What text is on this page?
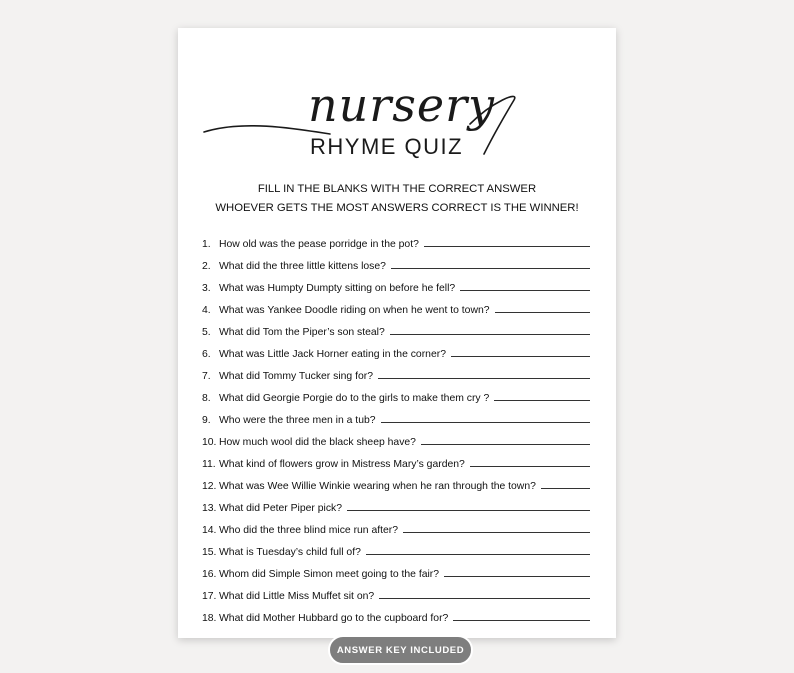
nursery
RHYME QUIZ
FILL IN THE BLANKS WITH THE CORRECT ANSWER
WHOEVER GETS THE MOST ANSWERS CORRECT IS THE WINNER!
1. How old was the pease porridge in the pot?
2. What did the three little kittens lose?
3. What was Humpty Dumpty sitting on before he fell?
4. What was Yankee Doodle riding on when he went to town?
5. What did Tom the Piper’s son steal?
6. What was Little Jack Horner eating in the corner?
7. What did Tommy Tucker sing for?
8. What did Georgie Porgie do to the girls to make them cry ?
9. Who were the three men in a tub?
10. How much wool did the black sheep have?
11. What kind of flowers grow in Mistress Mary’s garden?
12. What was Wee Willie Winkie wearing when he ran through the town?
13. What did Peter Piper pick?
14. Who did the three blind mice run after?
15. What is Tuesday’s child full of?
16. Whom did Simple Simon meet going to the fair?
17. What did Little Miss Muffet sit on?
18. What did Mother Hubbard go to the cupboard for?
ANSWER KEY INCLUDED
